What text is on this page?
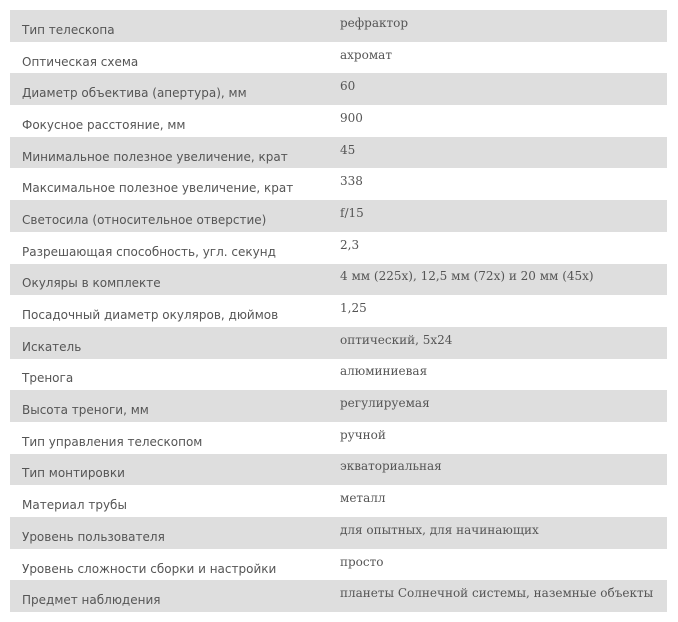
Тип телескопа	рефрактор
Оптическая схема	ахромат
Диаметр объектива (апертура), мм	60
Фокусное расстояние, мм	900
Минимальное полезное увеличение, крат	45
Максимальное полезное увеличение, крат	338
Светосила (относительное отверстие)	f/15
Разрешающая способность, угл. секунд	2,3
Окуляры в комплекте	4 мм (225х), 12,5 мм (72х) и 20 мм (45х)
Посадочный диаметр окуляров, дюймов	1,25
Искатель	оптический, 5х24
Тренога	алюминиевая
Высота треноги, мм	регулируемая
Тип управления телескопом	ручной
Тип монтировки	экваториальная
Материал трубы	металл
Уровень пользователя	для опытных, для начинающих
Уровень сложности сборки и настройки	просто
Предмет наблюдения	планеты Солнечной системы, наземные объекты
